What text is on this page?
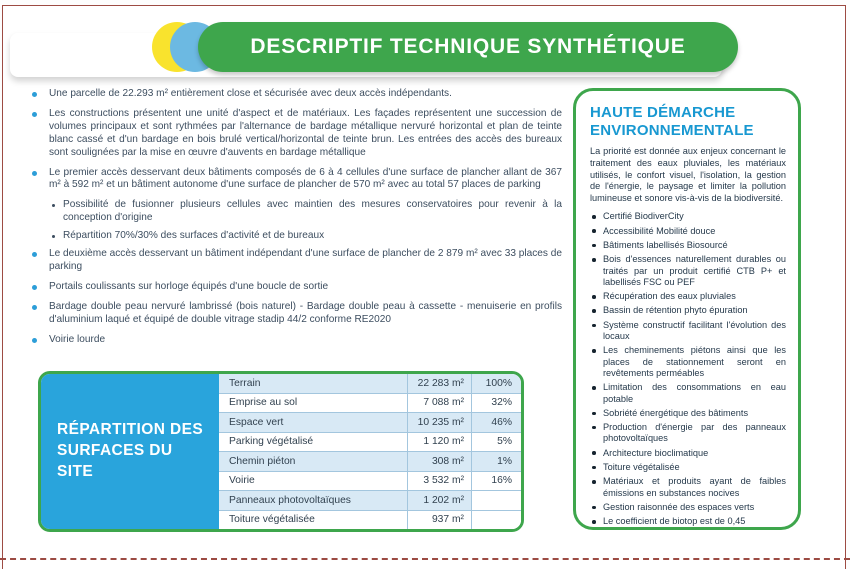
DESCRIPTIF TECHNIQUE SYNTHÉTIQUE
Une parcelle de 22.293 m² entièrement close et sécurisée avec deux accès indépendants.
Les constructions présentent une unité d'aspect et de matériaux. Les façades représentent une succession de volumes principaux et sont rythmées par l'alternance de bardage métallique nervuré horizontal et plan de teinte blanc cassé et d'un bardage en bois brulé vertical/horizontal de teinte brun. Les entrées des accès des bureaux sont soulignées par la mise en œuvre d'auvents en bardage métallique
Le premier accès desservant deux bâtiments composés de 6 à 4 cellules d'une surface de plancher allant de 367 m² à 592 m² et un bâtiment autonome d'une surface de plancher de 570 m² avec au total 57 places de parking
Possibilité de fusionner plusieurs cellules avec maintien des mesures conservatoires pour revenir à la conception d'origine
Répartition 70%/30% des surfaces d'activité et de bureaux
Le deuxième accès desservant un bâtiment indépendant d'une surface de plancher de 2 879 m² avec 33 places de parking
Portails coulissants sur horloge équipés d'une boucle de sortie
Bardage double peau nervuré lambrissé (bois naturel) - Bardage double peau à cassette - menuiserie en profils d'aluminium laqué et équipé de double vitrage stadip 44/2 conforme RE2020
Voirie lourde
RÉPARTITION DES SURFACES DU SITE
Terrain	22 283 m²	100%
Emprise au sol	7 088 m²	32%
Espace vert	10 235 m²	46%
Parking végétalisé	1 120 m²	5%
Chemin piéton	308 m²	1%
Voirie	3 532 m²	16%
Panneaux photovoltaïques	1 202 m²
Toiture végétalisée	937 m²
HAUTE DÉMARCHE ENVIRONNEMENTALE

La priorité est donnée aux enjeux concernant le traitement des eaux pluviales, les matériaux utilisés, le confort visuel, l'isolation, la gestion de l'énergie, le paysage et limiter la pollution lumineuse et sonore vis-à-vis de la biodiversité.

Certifié BiodiverCity
Accessibilité Mobilité douce
Bâtiments labellisés Biosourcé
Bois d'essences naturellement durables ou traités par un produit certifié CTB P+ et labellisés FSC ou PEF
Récupération des eaux pluviales
Bassin de rétention phyto épuration
Système constructif facilitant l'évolution des locaux
Les cheminements piétons ainsi que les places de stationnement seront en revêtements perméables
Limitation des consommations en eau potable
Sobriété énergétique des bâtiments
Production d'énergie par des panneaux photovoltaïques
Architecture bioclimatique
Toiture végétalisée
Matériaux et produits ayant de faibles émissions en substances nocives
Gestion raisonnée des espaces verts
Le coefficient de biotop est de 0,45
